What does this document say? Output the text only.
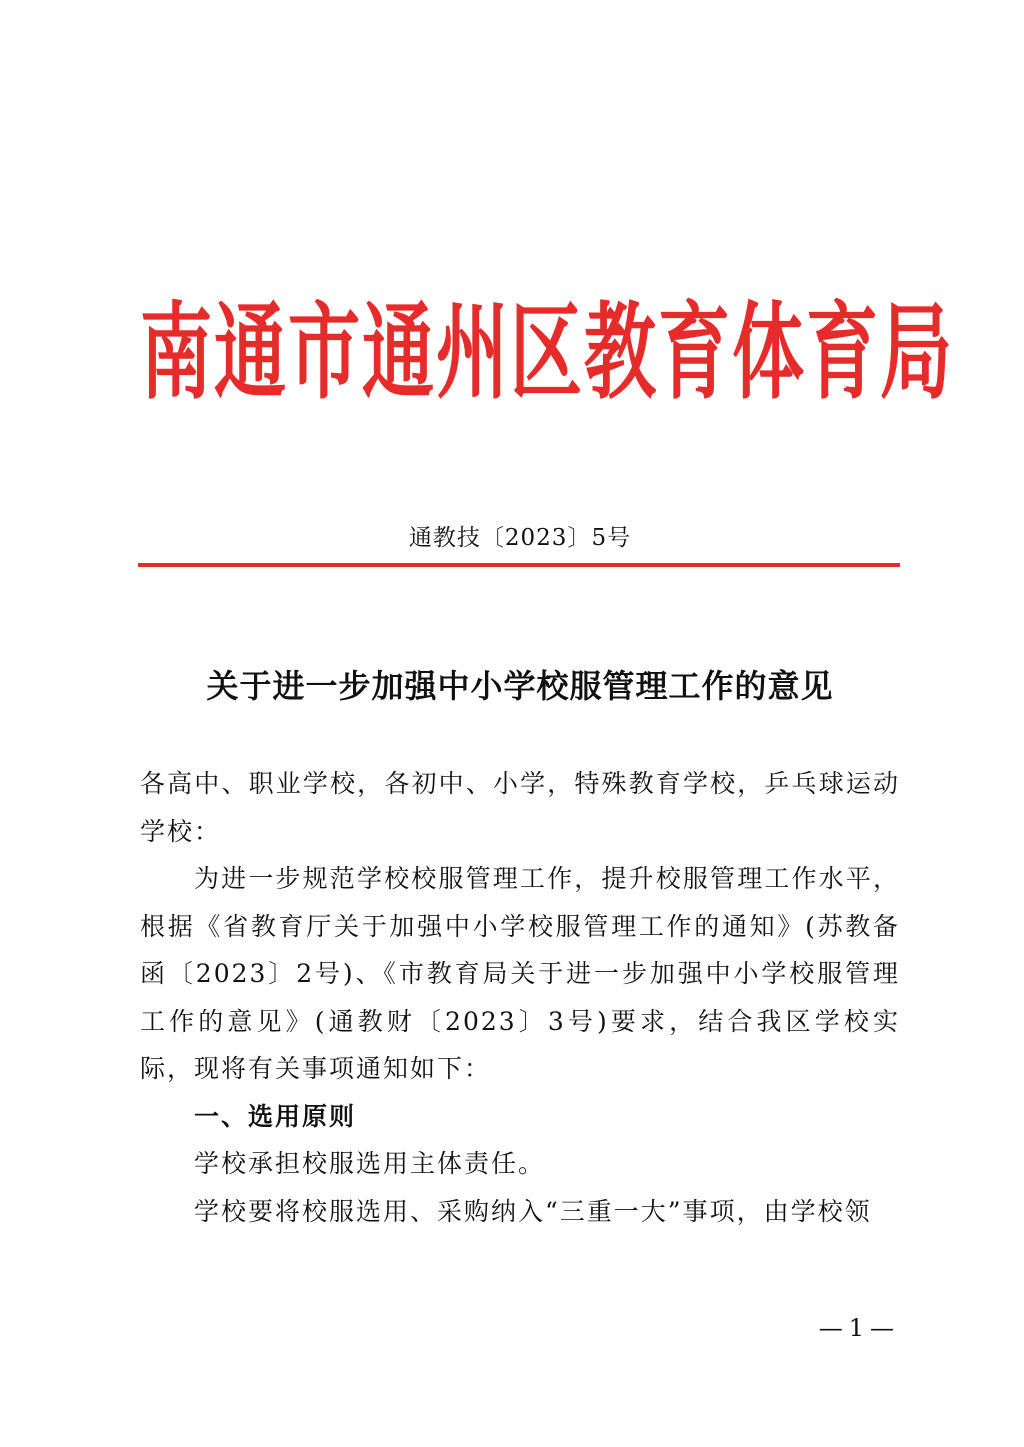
南通市通州区教育体育局
通教技〔2023〕5号
关于进一步加强中小学校服管理工作的意见

各高中、职业学校，各初中、小学，特殊教育学校，乒乓球运动学校：

为进一步规范学校校服管理工作，提升校服管理工作水平，根据《省教育厅关于加强中小学校服管理工作的通知》(苏教备函〔2023〕2号)、《市教育局关于进一步加强中小学校服管理工作的意见》(通教财〔2023〕3号)要求，结合我区学校实际，现将有关事项通知如下：

一、选用原则

学校承担校服选用主体责任。

学校要将校服选用、采购纳入“三重一大”事项，由学校领

—1—
